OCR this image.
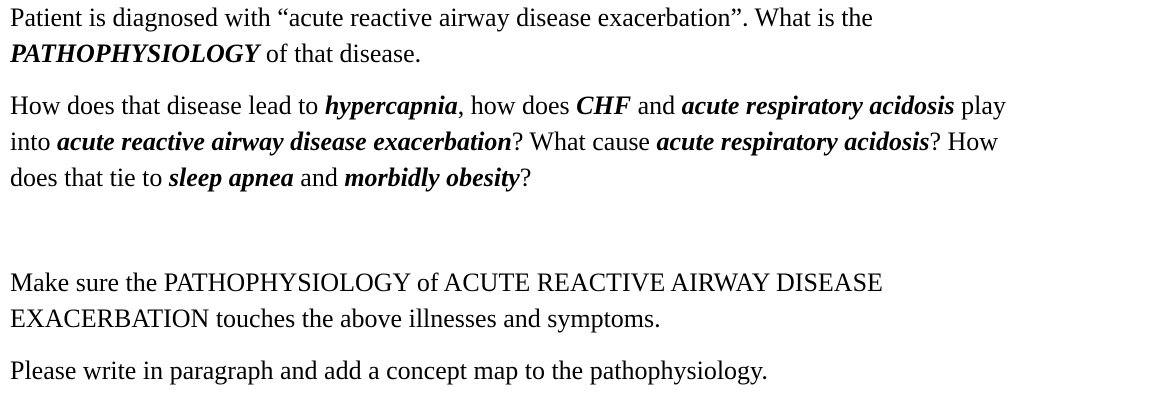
Patient is diagnosed with “acute reactive airway disease exacerbation”. What is the
PATHOPHYSIOLOGY of that disease.

How does that disease lead to hypercapnia, how does CHF and acute respiratory acidosis play
into acute reactive airway disease exacerbation? What cause acute respiratory acidosis? How
does that tie to sleep apnea and morbidly obesity?

Make sure the PATHOPHYSIOLOGY of ACUTE REACTIVE AIRWAY DISEASE
EXACERBATION touches the above illnesses and symptoms.

Please write in paragraph and add a concept map to the pathophysiology.
